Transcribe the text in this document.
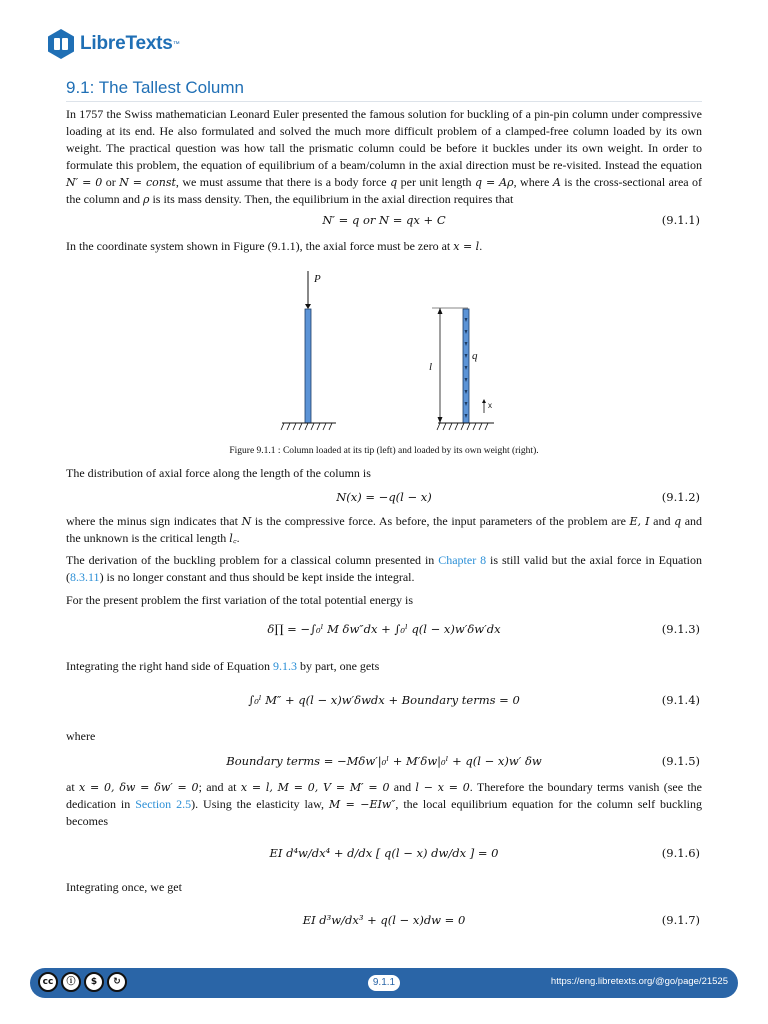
LibreTexts ™
9.1: The Tallest Column
In 1757 the Swiss mathematician Leonard Euler presented the famous solution for buckling of a pin-pin column under compressive loading at its end. He also formulated and solved the much more difficult problem of a clamped-free column loaded by its own weight. The practical question was how tall the prismatic column could be before it buckles under its own weight. In order to formulate this problem, the equation of equilibrium of a beam/column in the axial direction must be re-visited. Instead the equation N′ = 0 or N = const, we must assume that there is a body force q per unit length q = Aρ, where A is the cross-sectional area of the column and ρ is its mass density. Then, the equilibrium in the axial direction requires that
N′ = q or N = qx + C	(9.1.1)
In the coordinate system shown in Figure (9.1.1), the axial force must be zero at x = l.
P
l
q
x
Figure 9.1.1 : Column loaded at its tip (left) and loaded by its own weight (right).
The distribution of axial force along the length of the column is
N(x) = −q(l − x)	(9.1.2)
where the minus sign indicates that N is the compressive force. As before, the input parameters of the problem are E, I and q and the unknown is the critical length l꜀.
The derivation of the buckling problem for a classical column presented in Chapter 8 is still valid but the axial force in Equation (8.3.11) is no longer constant and thus should be kept inside the integral.
For the present problem the first variation of the total potential energy is
δ∏ = −∫₀ˡ M δw″dx + ∫₀ˡ q(l − x)w′δw′dx	(9.1.3)
Integrating the right hand side of Equation 9.1.3 by part, one gets
∫₀ˡ M″ + q(l − x)w′δwdx + Boundary terms = 0	(9.1.4)
where
Boundary terms = −Mδw′|₀ˡ + M′δw|₀ˡ + q(l − x)w′ δw	(9.1.5)
at x = 0, δw = δw′ = 0; and at x = l, M = 0, V = M′ = 0 and l − x = 0. Therefore the boundary terms vanish (see the dedication in Section 2.5). Using the elasticity law, M = −EIw″, the local equilibrium equation for the column self buckling becomes
EI d⁴w/dx⁴ + d/dx [ q(l − x) dw/dx ] = 0	(9.1.6)
Integrating once, we get
EI d³w/dx³ + q(l − x)dw = 0	(9.1.7)
cc	ⓘ	$	↻	9.1.1	https://eng.libretexts.org/@go/page/21525
